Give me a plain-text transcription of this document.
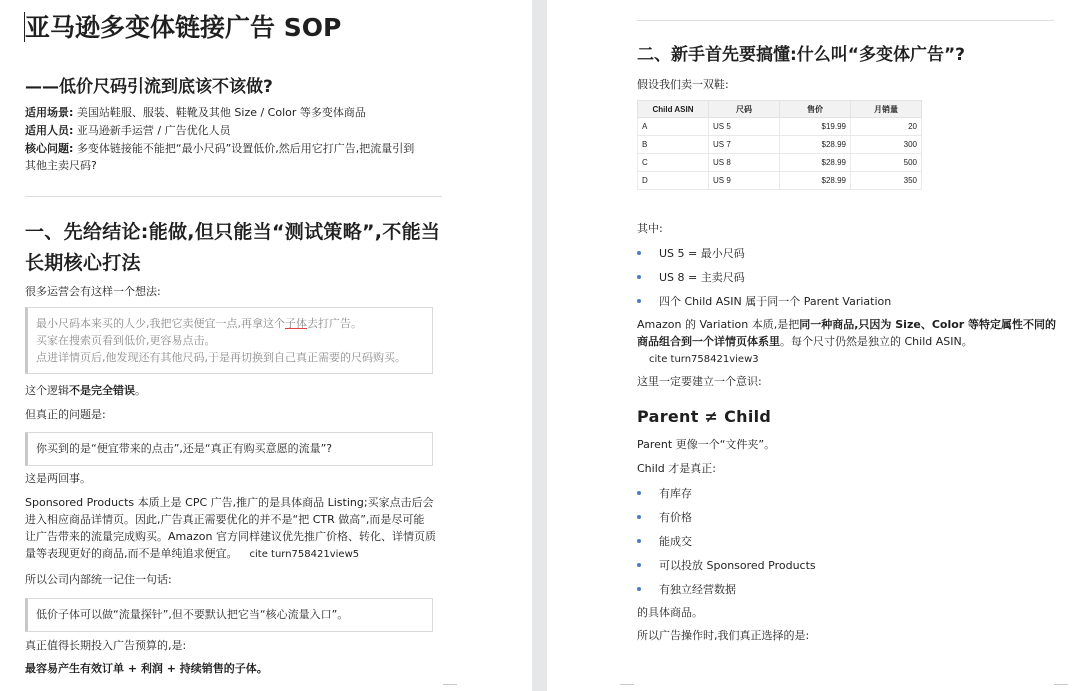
亚马逊多变体链接广告 SOP
——低价尺码引流到底该不该做?
适用场景: 美国站鞋服、服装、鞋靴及其他 Size / Color 等多变体商品
适用人员: 亚马逊新手运营 / 广告优化人员
核心问题: 多变体链接能不能把“最小尺码”设置低价,然后用它打广告,把流量引到
其他主卖尺码?
一、先给结论:能做,但只能当“测试策略”,不能当
长期核心打法
很多运营会有这样一个想法:
最小尺码本来买的人少,我把它卖便宜一点,再拿这个子体去打广告。
买家在搜索页看到低价,更容易点击。
点进详情页后,他发现还有其他尺码,于是再切换到自己真正需要的尺码购买。
这个逻辑不是完全错误。
但真正的问题是:
你买到的是“便宜带来的点击”,还是“真正有购买意愿的流量”?
这是两回事。
Sponsored Products 本质上是 CPC 广告,推广的是具体商品 Listing;买家点击后会
进入相应商品详情页。因此,广告真正需要优化的并不是“把 CTR 做高”,而是尽可能
让广告带来的流量完成购买。Amazon 官方同样建议优先推广价格、转化、详情页质
量等表现更好的商品,而不是单纯追求便宜。 cite turn758421view5
所以公司内部统一记住一句话:
低价子体可以做“流量探针”,但不要默认把它当“核心流量入口”。
真正值得长期投入广告预算的,是:
最容易产生有效订单 + 利润 + 持续销售的子体。
二、新手首先要搞懂:什么叫“多变体广告”?
假设我们卖一双鞋:
Child ASIN	尺码	售价	月销量
A	US 5	$19.99	20
B	US 7	$28.99	300
C	US 8	$28.99	500
D	US 9	$28.99	350
其中:
US 5 = 最小尺码
US 8 = 主卖尺码
四个 Child ASIN 属于同一个 Parent Variation
Amazon 的 Variation 本质,是把同一种商品,只因为 Size、Color 等特定属性不同的
商品组合到一个详情页体系里。每个尺寸仍然是独立的 Child ASIN。
cite turn758421view3
这里一定要建立一个意识:
Parent ≠ Child
Parent 更像一个“文件夹”。
Child 才是真正:
有库存
有价格
能成交
可以投放 Sponsored Products
有独立经营数据
的具体商品。
所以广告操作时,我们真正选择的是:
